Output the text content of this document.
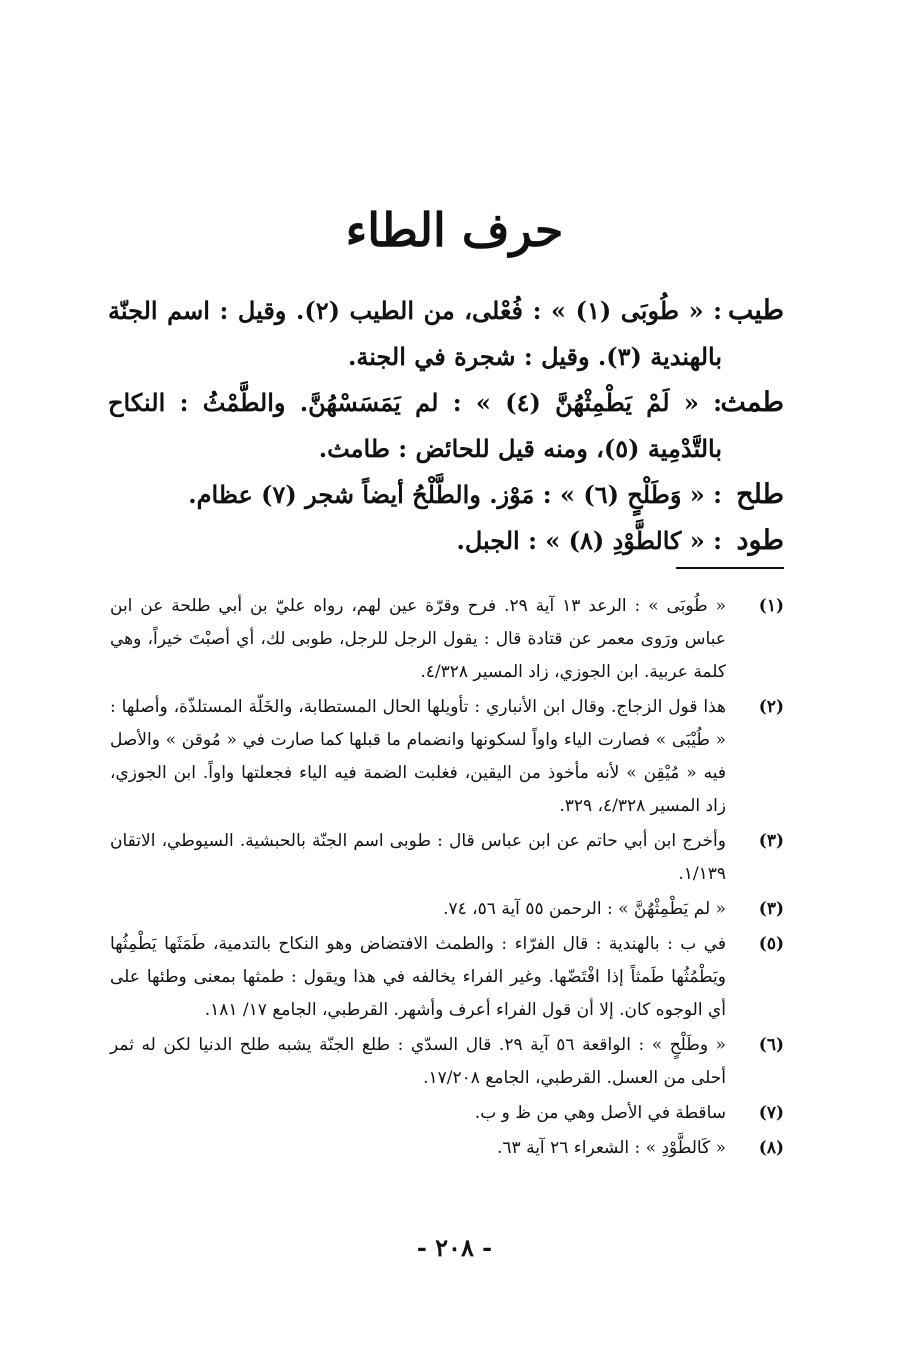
حرف الطاء
طيب
: « طُوبَى (١) » : فُعْلى، من الطيب (٢). وقيل : اسم الجنّة بالهندية (٣). وقيل : شجرة في الجنة.
طمث
: « لَمْ يَطْمِثْهُنَّ (٤) » : لم يَمَسَسْهُنَّ. والطَّمْثُ : النكاح بالتَّدْمِية (٥)، ومنه قيل للحائض : طامث.
طلح
: « وَطَلْحٍ (٦) » : مَوْز. والطَّلْحُ أيضاً شجر (٧) عظام.
طود
: « كالطَّوْدِ (٨) » : الجبل.
(١)
« طُوبَى » : الرعد ١٣ آية ٢٩. فرح وقرّة عين لهم، رواه عليّ بن أبي طلحة عن ابن عباس ورَوى معمر عن قتادة قال : يقول الرجل للرجل، طوبى لك، أي أصبْتَ خيراً، وهي كلمة عربية. ابن الجوزي، زاد المسير ٤/٣٢٨.
(٢)
هذا قول الزجاج. وقال ابن الأنباري : تأويلها الحال المستطابة، والخَلّة المستلذّة، وأصلها : « طُيْبَى » فصارت الياء واواً لسكونها وانضمام ما قبلها كما صارت في « مُوقن » والأصل فيه « مُيْقِن » لأنه مأخوذ من اليقين، فغلبت الضمة فيه الياء فجعلتها واواً. ابن الجوزي، زاد المسير ٤/٣٢٨، ٣٢٩.
(٣)
وأخرج ابن أبي حاتم عن ابن عباس قال : طوبى اسم الجنّة بالحبشية. السيوطي، الاتقان ١/١٣٩.
(٣)
« لم يَطْمِثْهُنَّ » : الرحمن ٥٥ آية ٥٦، ٧٤.
(٥)
في ب : بالهندية : قال الفرّاء : والطمث الافتضاض وهو النكاح بالتدمية، طَمَثَها يَطْمِثُها ويَطْمُثُها طَمثاً إذا افْتَضّها. وغير الفراء يخالفه في هذا ويقول : طمثها بمعنى وطئها على أي الوجوه كان. إلا أن قول الفراء أعرف وأشهر. القرطبي، الجامع ١٧/ ١٨١.
(٦)
« وطَلْحٍ » : الواقعة ٥٦ آية ٢٩. قال السدّي : طلع الجنّة يشبه طلح الدنيا لكن له ثمر أحلى من العسل. القرطبي، الجامع ١٧/٢٠٨.
(٧)
ساقطة في الأصل وهي من ظ و ب.
(٨)
« كَالطَّوْدِ » : الشعراء ٢٦ آية ٦٣.
- ٢٠٨ -
